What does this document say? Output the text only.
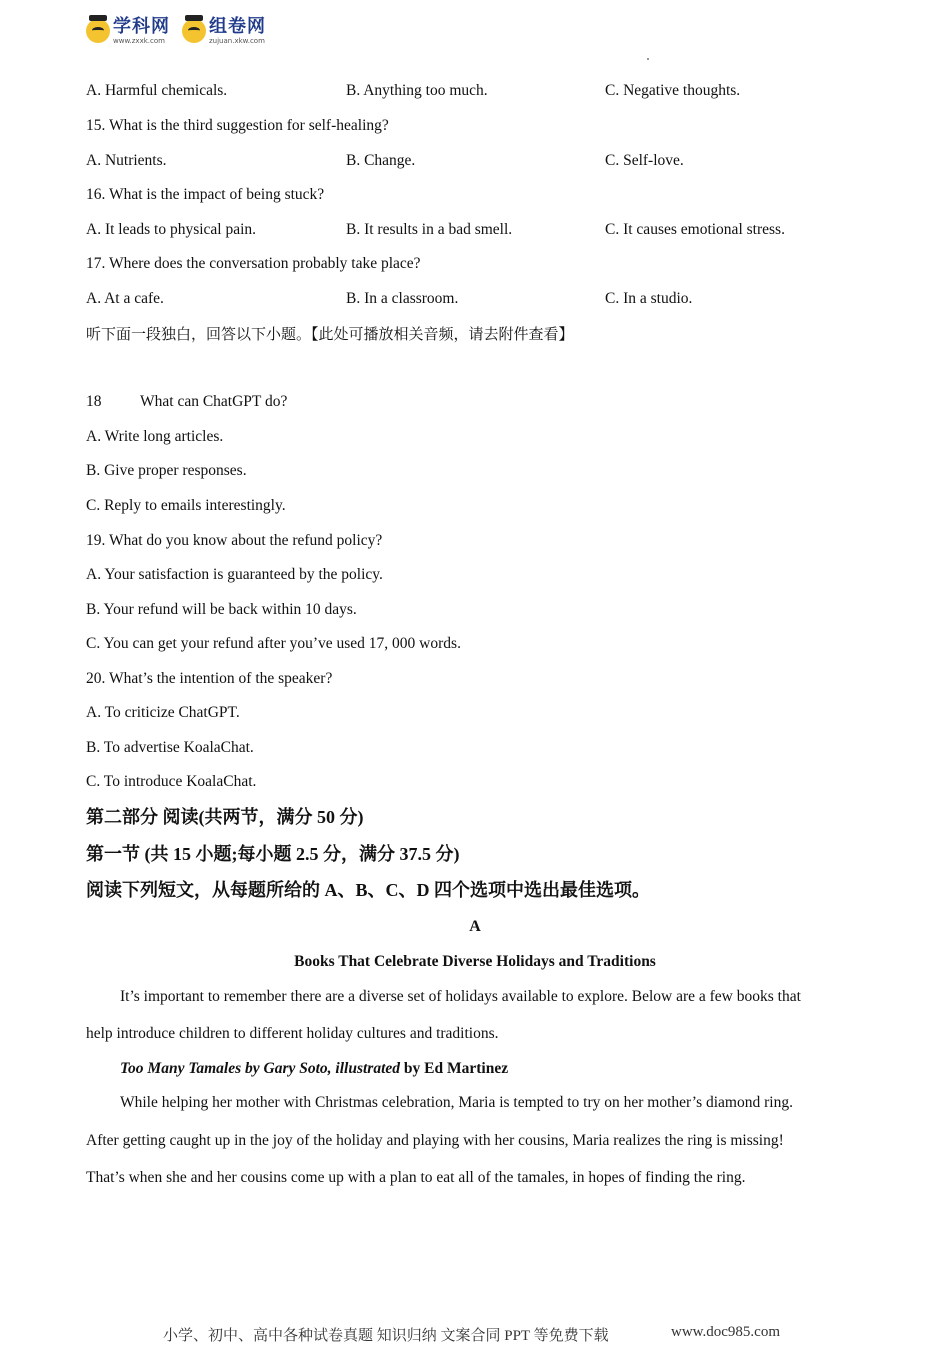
学科网
www.zxxk.com
组卷网
zujuan.xkw.com
A. Harmful chemicals.	B. Anything too much.	C. Negative thoughts.
15. What is the third suggestion for self-healing?
A. Nutrients.	B. Change.	C. Self-love.
16. What is the impact of being stuck?
A. It leads to physical pain.	B. It results in a bad smell.	C. It causes emotional stress.
17. Where does the conversation probably take place?
A. At a cafe.	B. In a classroom.	C. In a studio.
听下面一段独白，回答以下小题。【此处可播放相关音频，请去附件查看】
18 What can ChatGPT do?
A. Write long articles.
B. Give proper responses.
C. Reply to emails interestingly.
19. What do you know about the refund policy?
A. Your satisfaction is guaranteed by the policy.
B. Your refund will be back within 10 days.
C. You can get your refund after you’ve used 17, 000 words.
20. What’s the intention of the speaker?
A. To criticize ChatGPT.
B. To advertise KoalaChat.
C. To introduce KoalaChat.
第二部分 阅读(共两节，满分 50 分)
第一节 (共 15 小题;每小题 2.5 分，满分 37.5 分)
阅读下列短文，从每题所给的 A、B、C、D 四个选项中选出最佳选项。
A
Books That Celebrate Diverse Holidays and Traditions
It’s important to remember there are a diverse set of holidays available to explore. Below are a few books that
help introduce children to different holiday cultures and traditions.
Too Many Tamales by Gary Soto, illustrated by Ed Martinez
While helping her mother with Christmas celebration, Maria is tempted to try on her mother’s diamond ring.
After getting caught up in the joy of the holiday and playing with her cousins, Maria realizes the ring is missing!
That’s when she and her cousins come up with a plan to eat all of the tamales, in hopes of finding the ring.
小学、初中、高中各种试卷真题 知识归纳 文案合同 PPT 等免费下载	www.doc985.com
